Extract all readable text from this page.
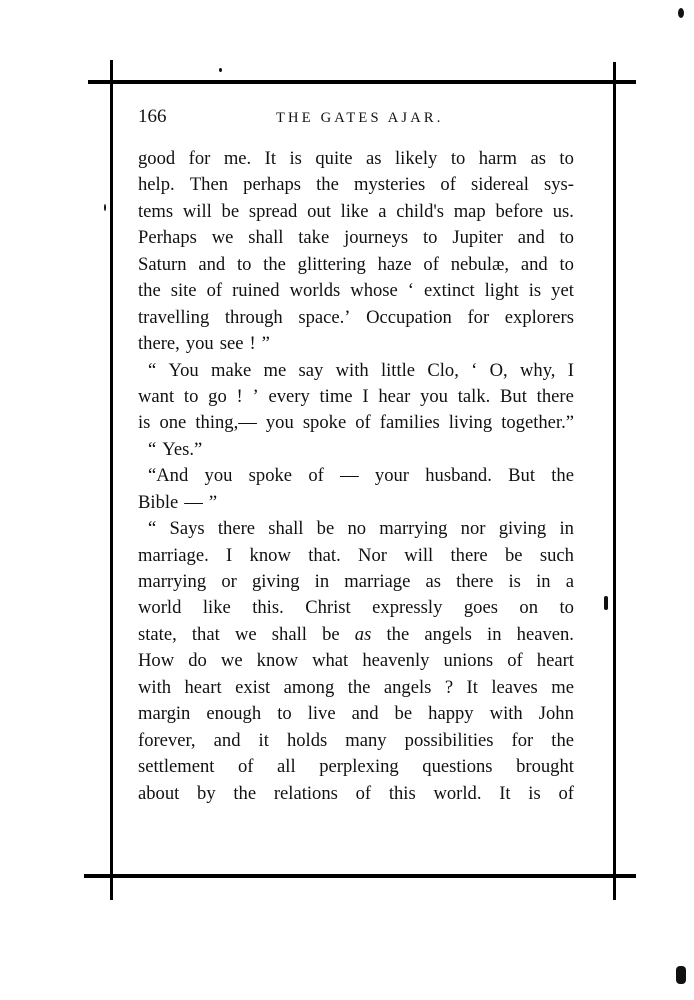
166	THE GATES AJAR.
good for me. It is quite as likely to harm as to
help. Then perhaps the mysteries of sidereal sys-
tems will be spread out like a child's map before us.
Perhaps we shall take journeys to Jupiter and to
Saturn and to the glittering haze of nebulæ, and to
the site of ruined worlds whose ‘ extinct light is yet
travelling through space.’ Occupation for explorers
there, you see ! ”
“ You make me say with little Clo, ‘ O, why, I
want to go ! ’ every time I hear you talk. But there
is one thing,— you spoke of families living together.”
“ Yes.”
“And you spoke of — your husband. But the
Bible — ”
“ Says there shall be no marrying nor giving in
marriage. I know that. Nor will there be such
marrying or giving in marriage as there is in a
world like this. Christ expressly goes on to
state, that we shall be as the angels in heaven.
How do we know what heavenly unions of heart
with heart exist among the angels ? It leaves me
margin enough to live and be happy with John
forever, and it holds many possibilities for the
settlement of all perplexing questions brought
about by the relations of this world. It is of
